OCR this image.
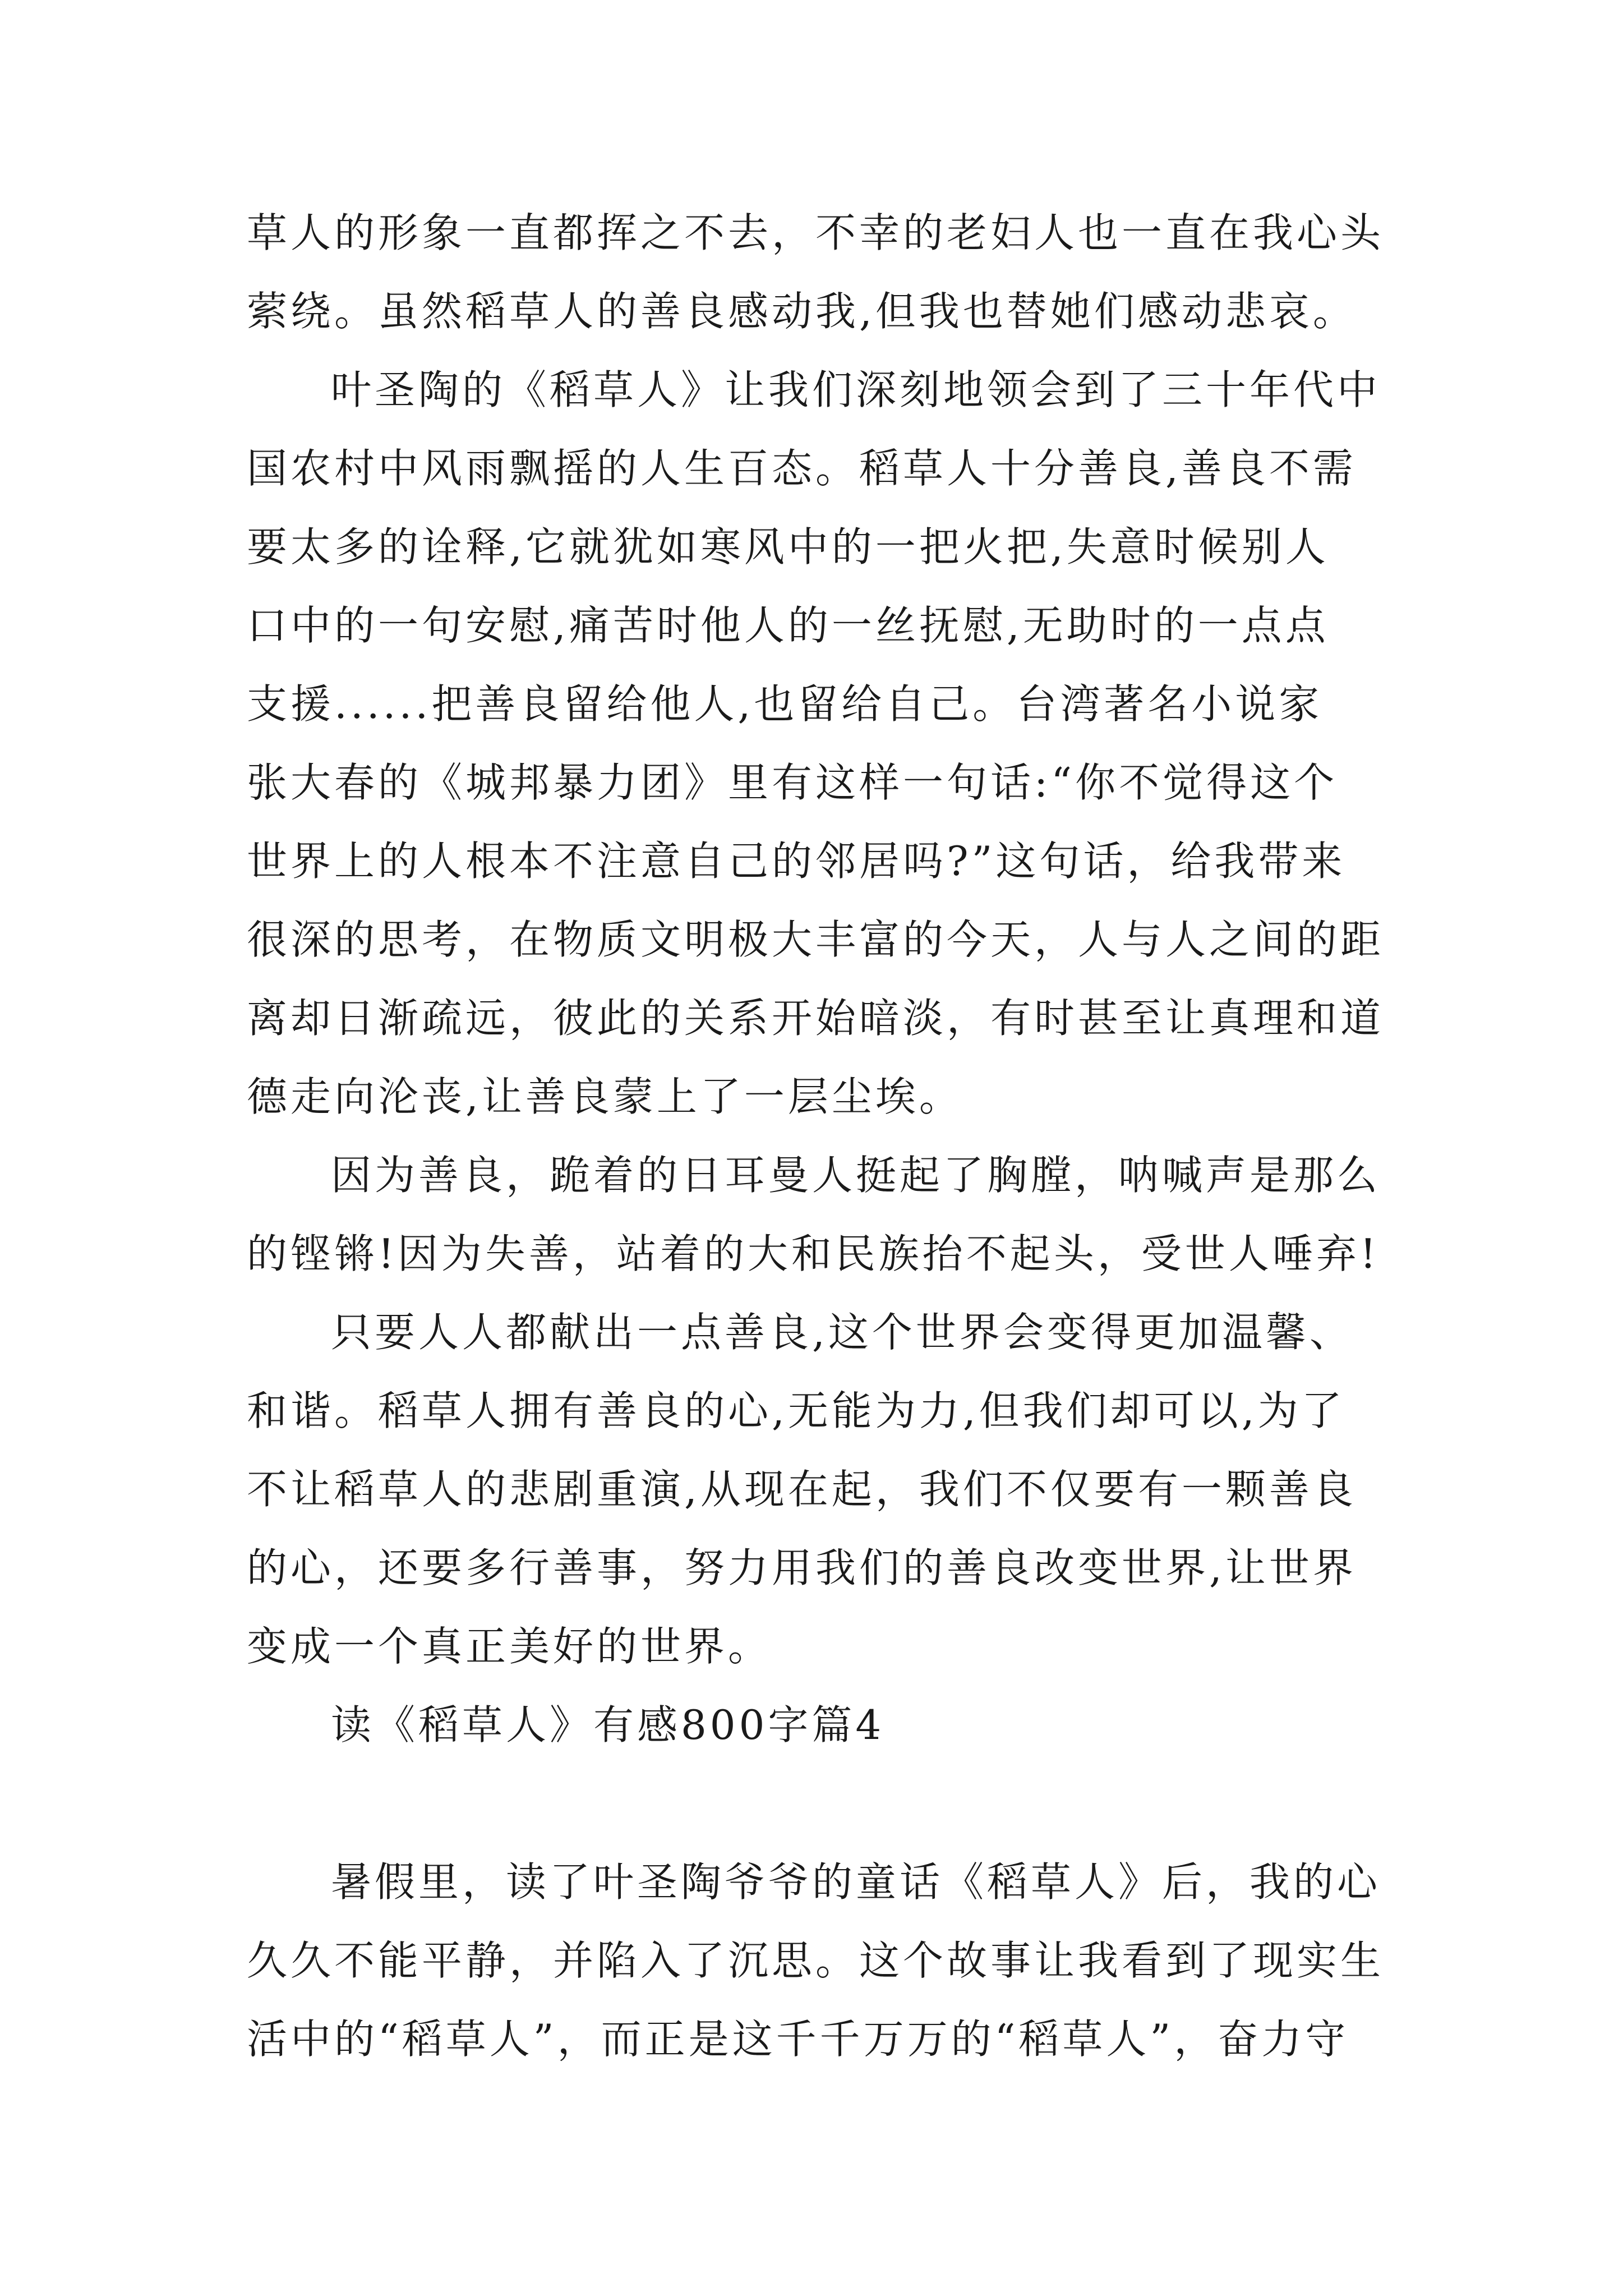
草人的形象一直都挥之不去，不幸的老妇人也一直在我心头
萦绕。虽然稻草人的善良感动我,但我也替她们感动悲哀。
叶圣陶的《稻草人》让我们深刻地领会到了三十年代中
国农村中风雨飘摇的人生百态。稻草人十分善良,善良不需
要太多的诠释,它就犹如寒风中的一把火把,失意时候别人
口中的一句安慰,痛苦时他人的一丝抚慰,无助时的一点点
支援......把善良留给他人,也留给自己。台湾著名小说家
张大春的《城邦暴力团》里有这样一句话:“你不觉得这个
世界上的人根本不注意自己的邻居吗?”这句话，给我带来
很深的思考，在物质文明极大丰富的今天，人与人之间的距
离却日渐疏远，彼此的关系开始暗淡，有时甚至让真理和道
德走向沦丧,让善良蒙上了一层尘埃。
因为善良，跪着的日耳曼人挺起了胸膛，呐喊声是那么
的铿锵!因为失善，站着的大和民族抬不起头，受世人唾弃!
只要人人都献出一点善良,这个世界会变得更加温馨、
和谐。稻草人拥有善良的心,无能为力,但我们却可以,为了
不让稻草人的悲剧重演,从现在起，我们不仅要有一颗善良
的心，还要多行善事，努力用我们的善良改变世界,让世界
变成一个真正美好的世界。
读《稻草人》有感800字篇4
暑假里，读了叶圣陶爷爷的童话《稻草人》后，我的心
久久不能平静，并陷入了沉思。这个故事让我看到了现实生
活中的“稻草人”，而正是这千千万万的“稻草人”，奋力守
